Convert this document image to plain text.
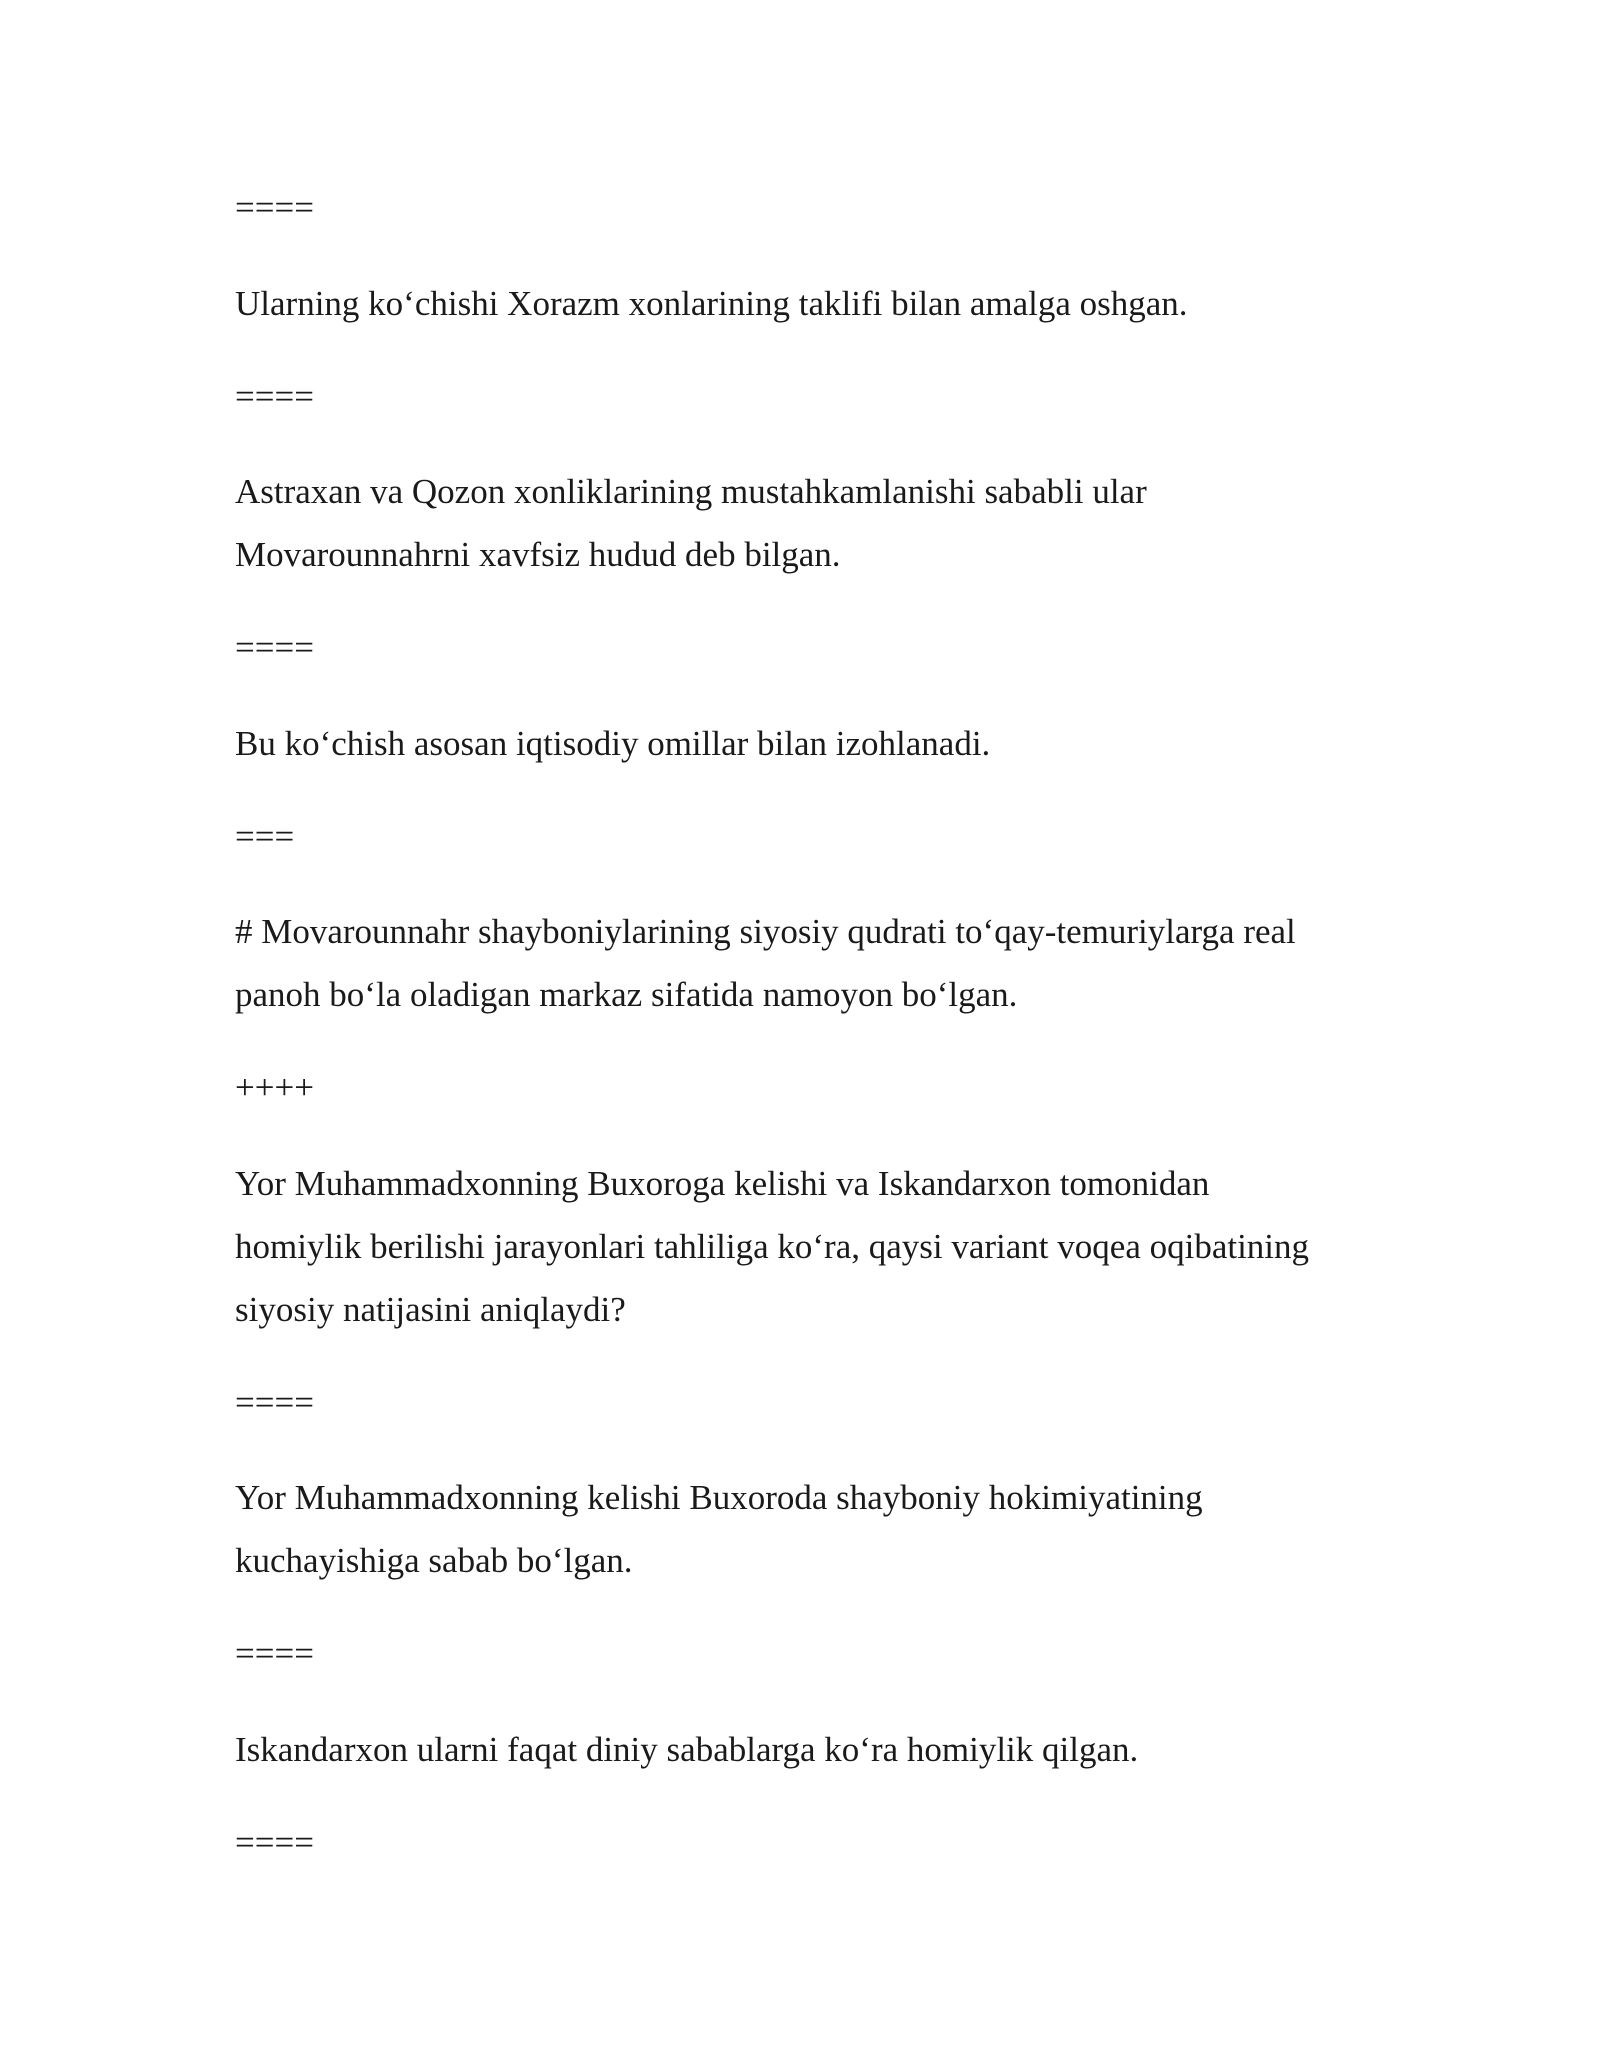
====

Ularning ko‘chishi Xorazm xonlarining taklifi bilan amalga oshgan.

====

Astraxan va Qozon xonliklarining mustahkamlanishi sababli ular

Movarounnahrni xavfsiz hudud deb bilgan.

====

Bu ko‘chish asosan iqtisodiy omillar bilan izohlanadi.

===

# Movarounnahr shayboniylarining siyosiy qudrati to‘qay-temuriylarga real

panoh bo‘la oladigan markaz sifatida namoyon bo‘lgan.

++++

Yor Muhammadxonning Buxoroga kelishi va Iskandarxon tomonidan

homiylik berilishi jarayonlari tahliliga ko‘ra, qaysi variant voqea oqibatining

siyosiy natijasini aniqlaydi?

====

Yor Muhammadxonning kelishi Buxoroda shayboniy hokimiyatining

kuchayishiga sabab bo‘lgan.

====

Iskandarxon ularni faqat diniy sabablarga ko‘ra homiylik qilgan.

====
